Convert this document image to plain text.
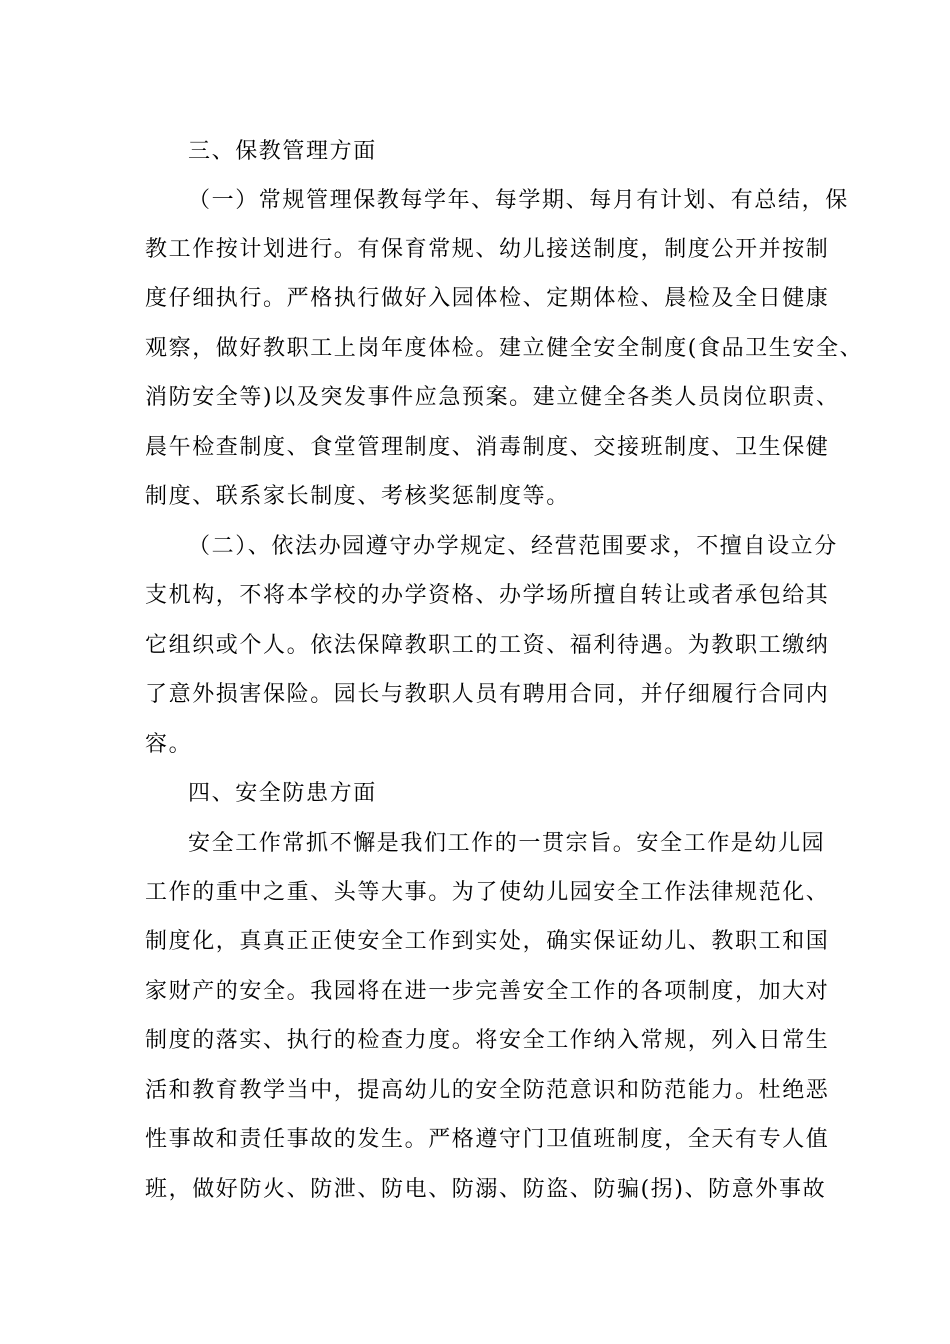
三、保教管理方面
（一）常规管理保教每学年、每学期、每月有计划、有总结，保
教工作按计划进行。有保育常规、幼儿接送制度，制度公开并按制
度仔细执行。严格执行做好入园体检、定期体检、晨检及全日健康
观察，做好教职工上岗年度体检。建立健全安全制度(食品卫生安全、
消防安全等)以及突发事件应急预案。建立健全各类人员岗位职责、
晨午检查制度、食堂管理制度、消毒制度、交接班制度、卫生保健
制度、联系家长制度、考核奖惩制度等。
（二）、依法办园遵守办学规定、经营范围要求，不擅自设立分
支机构，不将本学校的办学资格、办学场所擅自转让或者承包给其
它组织或个人。依法保障教职工的工资、福利待遇。为教职工缴纳
了意外损害保险。园长与教职人员有聘用合同，并仔细履行合同内
容。
四、安全防患方面
安全工作常抓不懈是我们工作的一贯宗旨。安全工作是幼儿园
工作的重中之重、头等大事。为了使幼儿园安全工作法律规范化、
制度化，真真正正使安全工作到实处，确实保证幼儿、教职工和国
家财产的安全。我园将在进一步完善安全工作的各项制度，加大对
制度的落实、执行的检查力度。将安全工作纳入常规，列入日常生
活和教育教学当中，提高幼儿的安全防范意识和防范能力。杜绝恶
性事故和责任事故的发生。严格遵守门卫值班制度，全天有专人值
班，做好防火、防泄、防电、防溺、防盗、防骗(拐)、防意外事故
